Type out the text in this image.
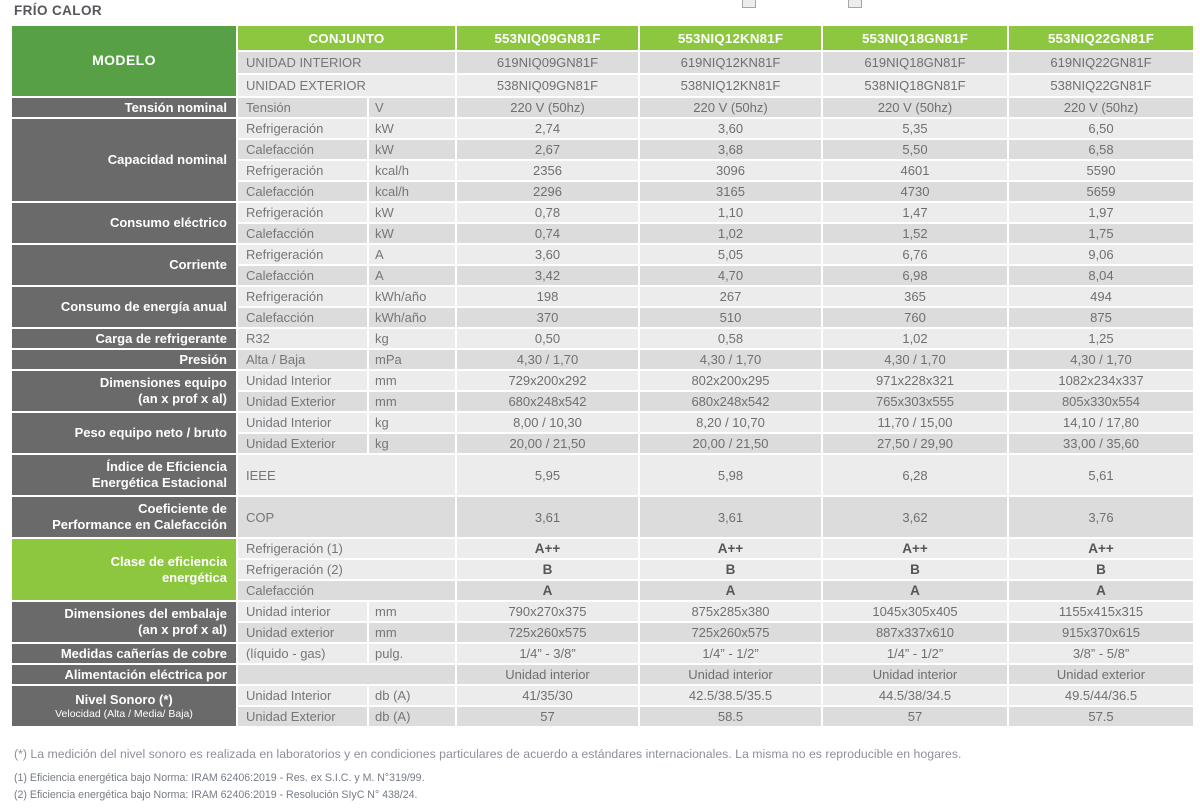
FRÍO CALOR
MODELO
CONJUNTO	553NIQ09GN81F	553NIQ12KN81F	553NIQ18GN81F	553NIQ22GN81F
UNIDAD INTERIOR	619NIQ09GN81F	619NIQ12KN81F	619NIQ18GN81F	619NIQ22GN81F
UNIDAD EXTERIOR	538NIQ09GN81F	538NIQ12KN81F	538NIQ18GN81F	538NIQ22GN81F
Tensión nominal	Tensión	V	220 V (50hz)	220 V (50hz)	220 V (50hz)	220 V (50hz)
Capacidad nominal
Refrigeración	kW	2,74	3,60	5,35	6,50
Calefacción	kW	2,67	3,68	5,50	6,58
Refrigeración	kcal/h	2356	3096	4601	5590
Calefacción	kcal/h	2296	3165	4730	5659
Consumo eléctrico
Refrigeración	kW	0,78	1,10	1,47	1,97
Calefacción	kW	0,74	1,02	1,52	1,75
Corriente
Refrigeración	A	3,60	5,05	6,76	9,06
Calefacción	A	3,42	4,70	6,98	8,04
Consumo de energía anual
Refrigeración	kWh/año	198	267	365	494
Calefacción	kWh/año	370	510	760	875
Carga de refrigerante	R32	kg	0,50	0,58	1,02	1,25
Presión	Alta / Baja	mPa	4,30 / 1,70	4,30 / 1,70	4,30 / 1,70	4,30 / 1,70
Dimensiones equipo
(an x prof x al)
Unidad Interior	mm	729x200x292	802x200x295	971x228x321	1082x234x337
Unidad Exterior	mm	680x248x542	680x248x542	765x303x555	805x330x554
Peso equipo neto / bruto
Unidad Interior	kg	8,00 / 10,30	8,20 / 10,70	11,70 / 15,00	14,10 / 17,80
Unidad Exterior	kg	20,00 / 21,50	20,00 / 21,50	27,50 / 29,90	33,00 / 35,60
Índice de Eficiencia
Energética Estacional	IEEE	5,95	5,98	6,28	5,61
Coeficiente de
Performance en Calefacción	COP	3,61	3,61	3,62	3,76
Clase de eficiencia
energética
Refrigeración (1)	A++	A++	A++	A++
Refrigeración (2)	B	B	B	B
Calefacción	A	A	A	A
Dimensiones del embalaje
(an x prof x al)
Unidad interior	mm	790x270x375	875x285x380	1045x305x405	1155x415x315
Unidad exterior	mm	725x260x575	725x260x575	887x337x610	915x370x615
Medidas cañerías de cobre	(líquido - gas)	pulg.	1/4” - 3/8”	1/4” - 1/2”	1/4” - 1/2”	3/8” - 5/8”
Alimentación eléctrica por	Unidad interior	Unidad interior	Unidad interior	Unidad exterior
Nivel Sonoro (*)
Velocidad (Alta / Media/ Baja)
Unidad Interior	db (A)	41/35/30	42.5/38.5/35.5	44.5/38/34.5	49.5/44/36.5
Unidad Exterior	db (A)	57	58.5	57	57.5

(*) La medición del nivel sonoro es realizada en laboratorios y en condiciones particulares de acuerdo a estándares internacionales. La misma no es reproducible en hogares.

(1) Eficiencia energética bajo Norma: IRAM 62406:2019 - Res. ex S.I.C. y M. N°319/99.

(2) Eficiencia energética bajo Norma: IRAM 62406:2019 - Resolución SIyC N° 438/24.
